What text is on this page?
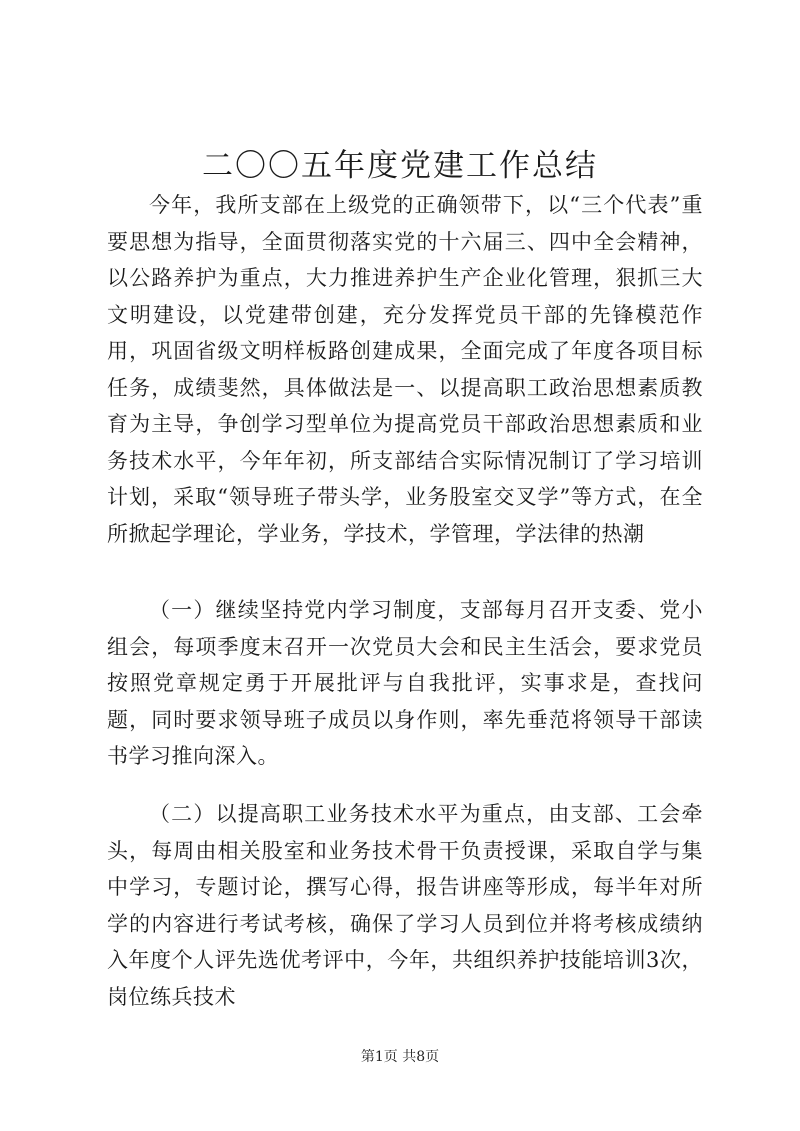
二〇〇五年度党建工作总结

今年，我所支部在上级党的正确领带下，以“三个代表”重要思想为指导，全面贯彻落实党的十六届三、四中全会精神，以公路养护为重点，大力推进养护生产企业化管理，狠抓三大文明建设，以党建带创建，充分发挥党员干部的先锋模范作用，巩固省级文明样板路创建成果，全面完成了年度各项目标任务，成绩斐然，具体做法是一、以提高职工政治思想素质教育为主导，争创学习型单位为提高党员干部政治思想素质和业务技术水平，今年年初，所支部结合实际情况制订了学习培训计划，采取“领导班子带头学，业务股室交叉学”等方式，在全所掀起学理论，学业务，学技术，学管理，学法律的热潮

（一）继续坚持党内学习制度，支部每月召开支委、党小组会，每项季度末召开一次党员大会和民主生活会，要求党员按照党章规定勇于开展批评与自我批评，实事求是，查找问题，同时要求领导班子成员以身作则，率先垂范将领导干部读书学习推向深入。

（二）以提高职工业务技术水平为重点，由支部、工会牵头，每周由相关股室和业务技术骨干负责授课，采取自学与集中学习，专题讨论，撰写心得，报告讲座等形成，每半年对所学的内容进行考试考核，确保了学习人员到位并将考核成绩纳入年度个人评先选优考评中，今年，共组织养护技能培训3次，岗位练兵技术

第1页 共8页
